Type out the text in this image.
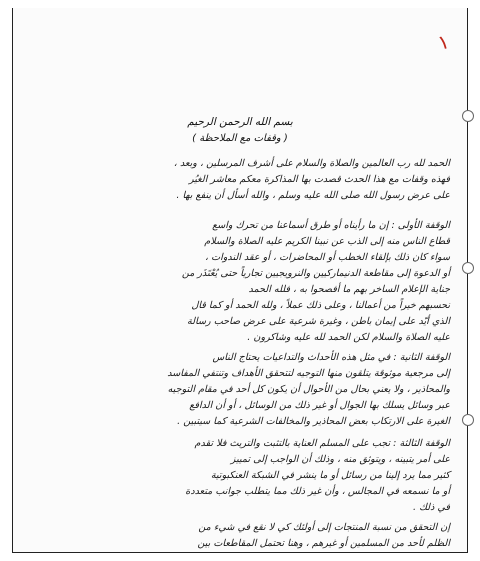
١
بسم الله الرحمن الرحيم
( وقفات مع الملاحظة )

الحمد لله رب العالمين والصلاة والسلام على أشرف المرسلين ، وبعد ،

فهذه وقفات مع هذا الحدث قصدت بها المذاكرة معكم معاشر الغيُر

على عرض رسول الله صلى الله عليه وسلم ، والله أسأل أن ينفع بها .

الوقفة الأولى : إن ما رأيناه أو طرق أسماعنا من تحرك واسع

قطاع الناس منه إلى الذب عن نبينا الكريم عليه الصلاة والسلام

سواء كان ذلك بإلقاء الخطب أو المحاضرات ، أو عقد الندوات ،

أو الدعوة إلى مقاطعة الدنيماركيين والنرويجيين تجارياً حتى يُعْتَذَر من

جناية الإعلام الساخر بهم ما أفصحوا به ، فلله الحمد

نحسبهم خيراً من أعمالنا ، وعلى ذلك عملاً ، ولله الحمد أو كما قال

الذي أيّد على إيمان باطن ، وغيرة شرعية على عرض صاحب رسالة

عليه الصلاة والسلام لكن الحمد لله عليه وشاكرون .

الوقفة الثانية : في مثل هذه الأحداث والتداعيات يحتاج الناس

إلى مرجعية موثوقة يتلقون منها التوجيه لتتحقق الأهداف وتنتفي المفاسد

والمحاذير ، ولا يعني بحال من الأحوال أن يكون كل أحد في مقام التوجيه

عبر وسائل يسلك بها الجوال أو غير ذلك من الوسائل ، أو أن الدافع

الغيرة على الارتكاب بعض المحاذير والمخالفات الشرعية كما سيتبين .

الوقفة الثالثة : تجب على المسلم العناية بالتثبت والتريث فلا تقدم

على أمر يتبينه ، ويتوثق منه ، وذلك أن الواجب إلى تمييز

كثير مما يرد إلينا من رسائل أو ما ينشر في الشبكة العنكبوتية

أو ما نسمعه في المجالس ، وأن غير ذلك مما يتطلب جوانب متعددة

في ذلك .

إن التحقق من نسبة المنتجات إلى أولئك كي لا نقع في شيء من

الظلم لأحد من المسلمين أو غيرهم ، وهنا تحتمل المقاطعات بين
